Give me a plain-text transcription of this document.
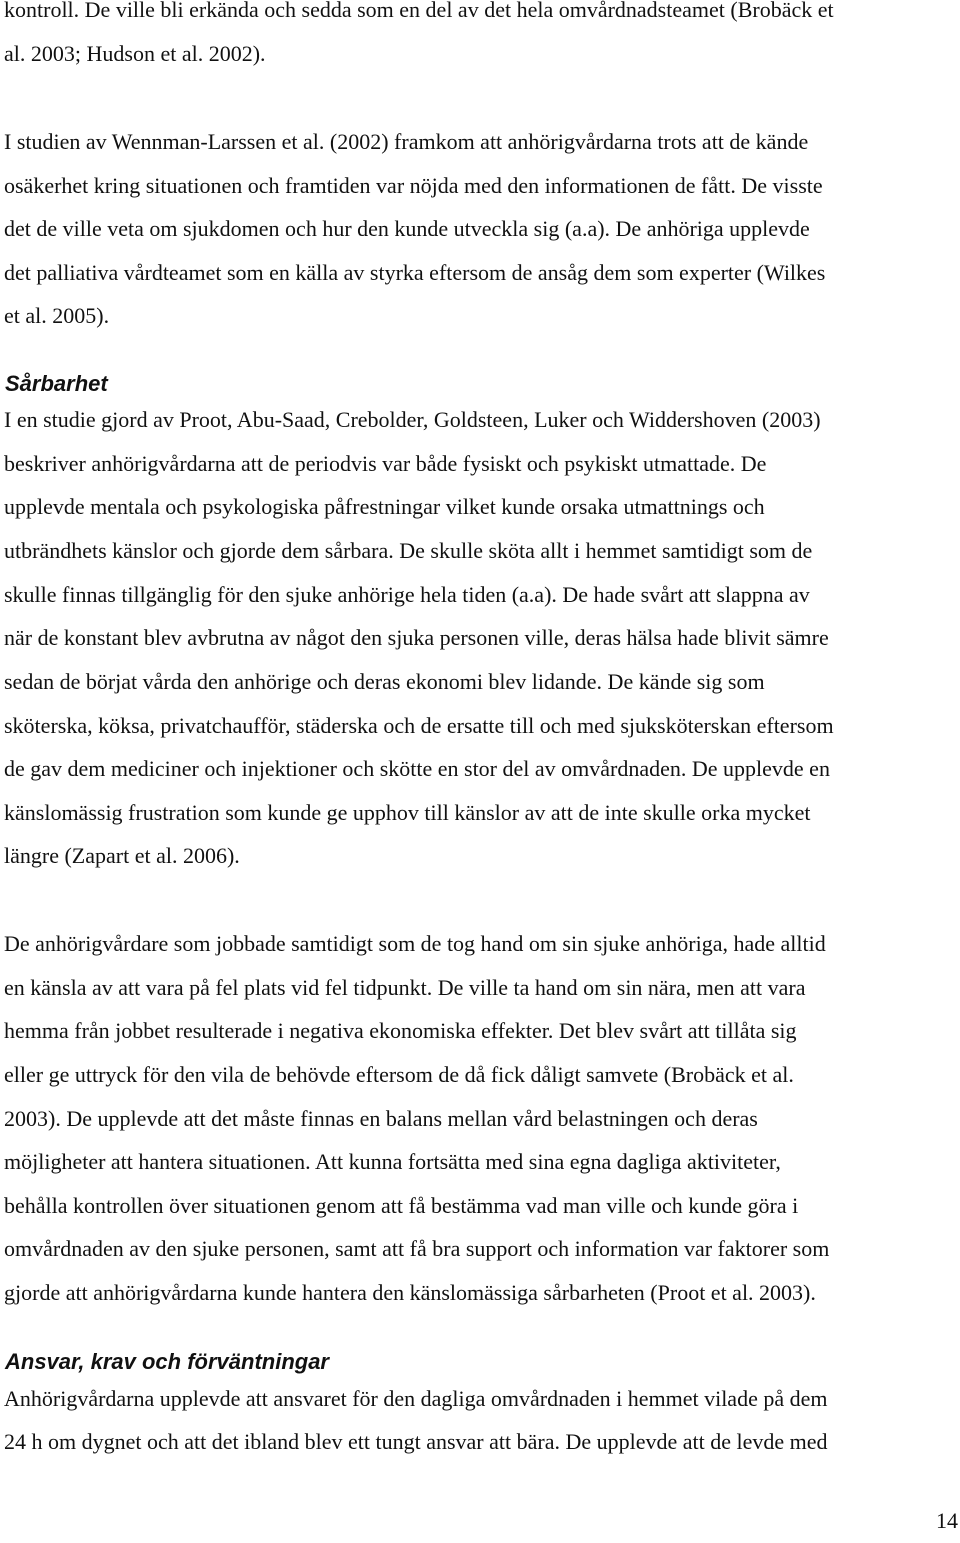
kontroll. De ville bli erkända och sedda som en del av det hela omvårdnadsteamet (Brobäck et

al. 2003; Hudson et al. 2002).

I studien av Wennman-Larssen et al. (2002) framkom att anhörigvårdarna trots att de kände

osäkerhet kring situationen och framtiden var nöjda med den informationen de fått. De visste

det de ville veta om sjukdomen och hur den kunde utveckla sig (a.a). De anhöriga upplevde

det palliativa vårdteamet som en källa av styrka eftersom de ansåg dem som experter (Wilkes

et al. 2005).

Sårbarhet

I en studie gjord av Proot, Abu-Saad, Crebolder, Goldsteen, Luker och Widdershoven (2003)

beskriver anhörigvårdarna att de periodvis var både fysiskt och psykiskt utmattade. De

upplevde mentala och psykologiska påfrestningar vilket kunde orsaka utmattnings och

utbrändhets känslor och gjorde dem sårbara. De skulle sköta allt i hemmet samtidigt som de

skulle finnas tillgänglig för den sjuke anhörige hela tiden (a.a). De hade svårt att slappna av

när de konstant blev avbrutna av något den sjuka personen ville, deras hälsa hade blivit sämre

sedan de börjat vårda den anhörige och deras ekonomi blev lidande. De kände sig som

sköterska, köksa, privatchaufför, städerska och de ersatte till och med sjuksköterskan eftersom

de gav dem mediciner och injektioner och skötte en stor del av omvårdnaden. De upplevde en

känslomässig frustration som kunde ge upphov till känslor av att de inte skulle orka mycket

längre (Zapart et al. 2006).

De anhörigvårdare som jobbade samtidigt som de tog hand om sin sjuke anhöriga, hade alltid

en känsla av att vara på fel plats vid fel tidpunkt. De ville ta hand om sin nära, men att vara

hemma från jobbet resulterade i negativa ekonomiska effekter. Det blev svårt att tillåta sig

eller ge uttryck för den vila de behövde eftersom de då fick dåligt samvete (Brobäck et al.

2003). De upplevde att det måste finnas en balans mellan vård belastningen och deras

möjligheter att hantera situationen. Att kunna fortsätta med sina egna dagliga aktiviteter,

behålla kontrollen över situationen genom att få bestämma vad man ville och kunde göra i

omvårdnaden av den sjuke personen, samt att få bra support och information var faktorer som

gjorde att anhörigvårdarna kunde hantera den känslomässiga sårbarheten (Proot et al. 2003).

Ansvar, krav och förväntningar

Anhörigvårdarna upplevde att ansvaret för den dagliga omvårdnaden i hemmet vilade på dem

24 h om dygnet och att det ibland blev ett tungt ansvar att bära. De upplevde att de levde med

14
